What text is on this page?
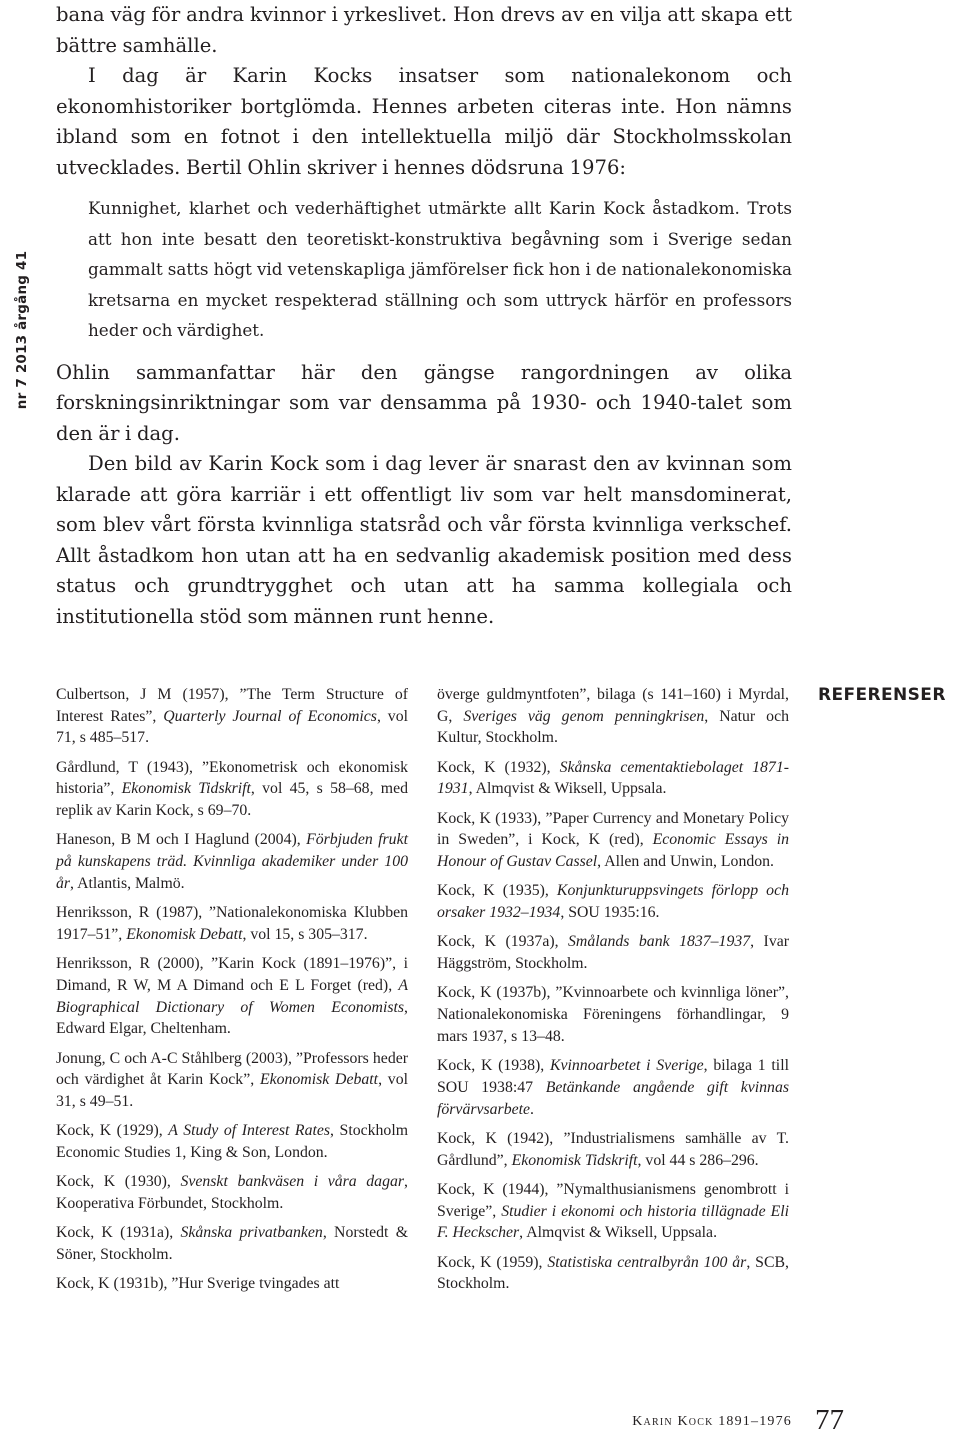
nr 7 2013 årgång 41

bana väg för andra kvinnor i yrkeslivet. Hon drevs av en vilja att skapa ett bättre samhälle.

I dag är Karin Kocks insatser som nationalekonom och ekonomhistoriker bortglömda. Hennes arbeten citeras inte. Hon nämns ibland som en fotnot i den intellektuella miljö där Stockholmsskolan utvecklades. Bertil Ohlin skriver i hennes dödsruna 1976:

Kunnighet, klarhet och vederhäftighet utmärkte allt Karin Kock åstadkom. Trots att hon inte besatt den teoretiskt-konstruktiva begåvning som i Sverige sedan gammalt satts högt vid vetenskapliga jämförelser fick hon i de nationalekonomiska kretsarna en mycket respekterad ställning och som uttryck härför en professors heder och värdighet.

Ohlin sammanfattar här den gängse rangordningen av olika forskningsinriktningar som var densamma på 1930- och 1940-talet som den är i dag.

Den bild av Karin Kock som i dag lever är snarast den av kvinnan som klarade att göra karriär i ett offentligt liv som var helt mansdominerat, som blev vårt första kvinnliga statsråd och vår första kvinnliga verkschef. Allt åstadkom hon utan att ha en sedvanlig akademisk position med dess status och grundtrygghet och utan att ha samma kollegiala och institutionella stöd som männen runt henne.

Culbertson, J M (1957), ”The Term Structure of Interest Rates”, Quarterly Journal of Economics, vol 71, s 485–517.

Gårdlund, T (1943), ”Ekonometrisk och ekonomisk historia”, Ekonomisk Tidskrift, vol 45, s 58–68, med replik av Karin Kock, s 69–70.

Haneson, B M och I Haglund (2004), Förbjuden frukt på kunskapens träd. Kvinnliga akademiker under 100 år, Atlantis, Malmö.

Henriksson, R (1987), ”Nationalekonomiska Klubben 1917–51”, Ekonomisk Debatt, vol 15, s 305–317.

Henriksson, R (2000), ”Karin Kock (1891–1976)”, i Dimand, R W, M A Dimand och E L Forget (red), A Biographical Dictionary of Women Economists, Edward Elgar, Cheltenham.

Jonung, C och A-C Ståhlberg (2003), ”Professors heder och värdighet åt Karin Kock”, Ekonomisk Debatt, vol 31, s 49–51.

Kock, K (1929), A Study of Interest Rates, Stockholm Economic Studies 1, King & Son, London.

Kock, K (1930), Svenskt bankväsen i våra dagar, Kooperativa Förbundet, Stockholm.

Kock, K (1931a), Skånska privatbanken, Norstedt & Söner, Stockholm.

Kock, K (1931b), ”Hur Sverige tvingades att

överge guldmyntfoten”, bilaga (s 141–160) i Myrdal, G, Sveriges väg genom penningkrisen, Natur och Kultur, Stockholm.

Kock, K (1932), Skånska cementaktiebolaget 1871-1931, Almqvist & Wiksell, Uppsala.

Kock, K (1933), ”Paper Currency and Monetary Policy in Sweden”, i Kock, K (red), Economic Essays in Honour of Gustav Cassel, Allen and Unwin, London.

Kock, K (1935), Konjunkturuppsvingets förlopp och orsaker 1932–1934, SOU 1935:16.

Kock, K (1937a), Smålands bank 1837–1937, Ivar Häggström, Stockholm.

Kock, K (1937b), ”Kvinnoarbete och kvinnliga löner”, Nationalekonomiska Föreningens förhandlingar, 9 mars 1937, s 13–48.

Kock, K (1938), Kvinnoarbetet i Sverige, bilaga 1 till SOU 1938:47 Betänkande angående gift kvinnas förvärvsarbete.

Kock, K (1942), ”Industrialismens samhälle av T. Gårdlund”, Ekonomisk Tidskrift, vol 44 s 286–296.

Kock, K (1944), ”Nymalthusianismens genombrott i Sverige”, Studier i ekonomi och historia tillägnade Eli F. Heckscher, Almqvist & Wiksell, Uppsala.

Kock, K (1959), Statistiska centralbyrån 100 år, SCB, Stockholm.

REFERENSER
Karin Kock 1891–1976 77
